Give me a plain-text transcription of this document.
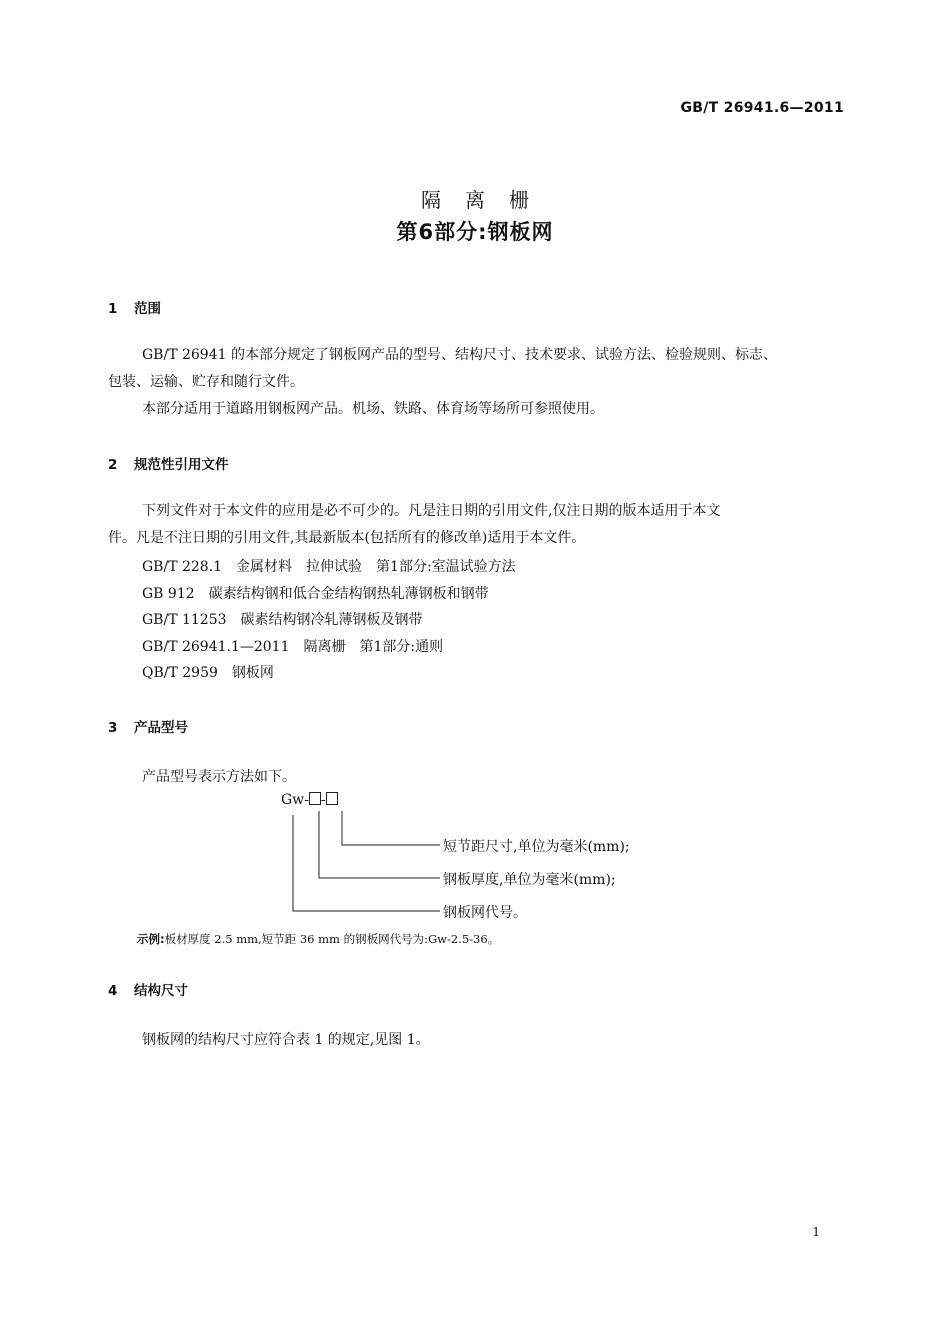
GB/T 26941.6—2011
隔离栅
第6部分:钢板网
1 范围
GB/T 26941 的本部分规定了钢板网产品的型号、结构尺寸、技术要求、试验方法、检验规则、标志、
包装、运输、贮存和随行文件。
本部分适用于道路用钢板网产品。机场、铁路、体育场等场所可参照使用。
2 规范性引用文件
下列文件对于本文件的应用是必不可少的。凡是注日期的引用文件,仅注日期的版本适用于本文
件。凡是不注日期的引用文件,其最新版本(包括所有的修改单)适用于本文件。
GB/T 228.1　金属材料　拉伸试验　第1部分:室温试验方法
GB 912　碳素结构钢和低合金结构钢热轧薄钢板和钢带
GB/T 11253　碳素结构钢冷轧薄钢板及钢带
GB/T 26941.1—2011　隔离栅　第1部分:通则
QB/T 2959　钢板网
3 产品型号
产品型号表示方法如下。
Gw- -
短节距尺寸,单位为毫米(mm);
钢板厚度,单位为毫米(mm);
钢板网代号。
示例:板材厚度 2.5 mm,短节距 36 mm 的钢板网代号为:Gw-2.5-36。
4 结构尺寸
钢板网的结构尺寸应符合表 1 的规定,见图 1。
1
